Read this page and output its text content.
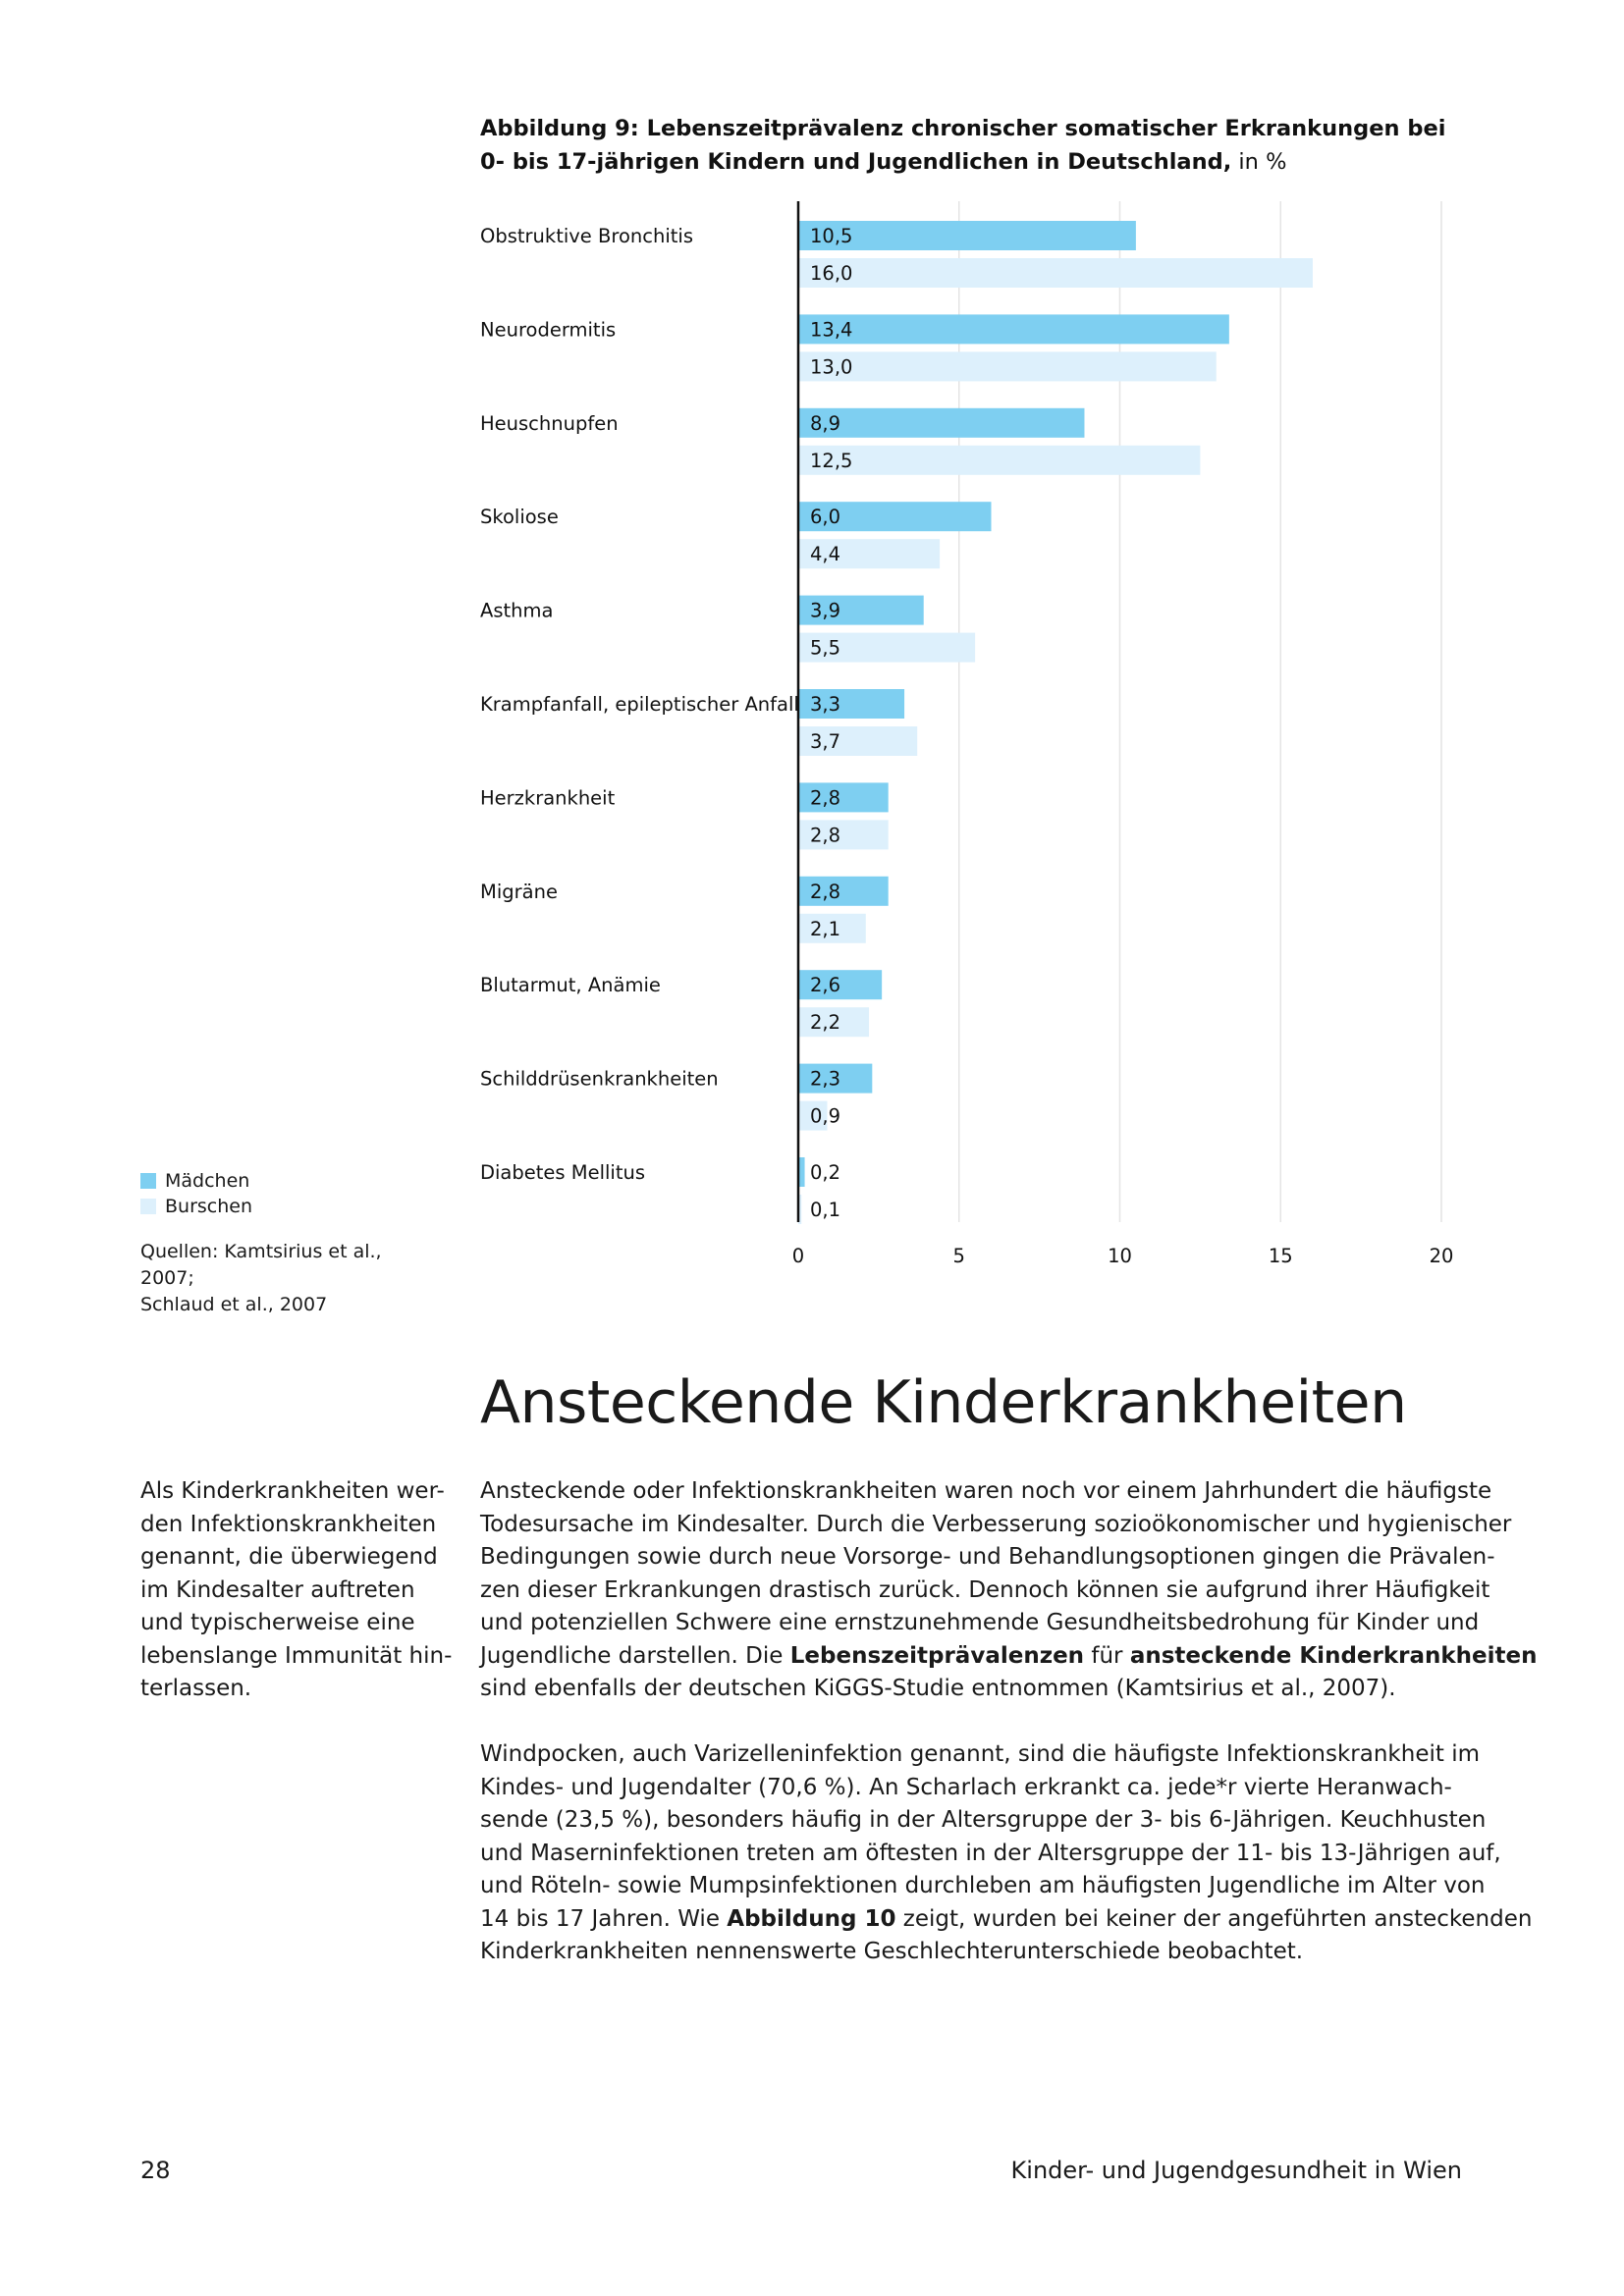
Abbildung 9: Lebenszeitprävalenz chronischer somatischer Erkrankungen bei 0- bis 17-jährigen Kindern und Jugendlichen in Deutschland, in %
Obstruktive Bronchitis	10,5
16,0
Neurodermitis	13,4
13,0
Heuschnupfen	8,9
12,5
Skoliose	6,0
4,4
Asthma	3,9
5,5
Krampfanfall, epileptischer Anfall 3,3
3,7
Herzkrankheit	2,8
2,8
Migräne	2,8
2,1
Blutarmut, Anämie	2,6
2,2
Schilddrüsenkrankheiten	2,3
0,9
Diabetes Mellitus	0,2
0,1
0	5	10	15	20
Mädchen
Burschen
Quellen: Kamtsirius et al., 2007;
Schlaud et al., 2007
Ansteckende Kinderkrankheiten
Als Kinderkrankheiten wer-
den Infektionskrankheiten
genannt, die überwiegend
im Kindesalter auftreten
und typischerweise eine
lebenslange Immunität hin-
terlassen.

Ansteckende oder Infektionskrankheiten waren noch vor einem Jahrhundert die häufigste
Todesursache im Kindesalter. Durch die Verbesserung sozioökonomischer und hygienischer
Bedingungen sowie durch neue Vorsorge- und Behandlungsoptionen gingen die Prävalen-
zen dieser Erkrankungen drastisch zurück. Dennoch können sie aufgrund ihrer Häufigkeit
und potenziellen Schwere eine ernstzunehmende Gesundheitsbedrohung für Kinder und
Jugendliche darstellen. Die Lebenszeitprävalenzen für ansteckende Kinderkrankheiten
sind ebenfalls der deutschen KiGGS-Studie entnommen (Kamtsirius et al., 2007).

Windpocken, auch Varizelleninfektion genannt, sind die häufigste Infektionskrankheit im
Kindes- und Jugendalter (70,6 %). An Scharlach erkrankt ca. jede*r vierte Heranwach-
sende (23,5 %), besonders häufig in der Altersgruppe der 3- bis 6-Jährigen. Keuchhusten
und Maserninfektionen treten am öftesten in der Altersgruppe der 11- bis 13-Jährigen auf,
und Röteln- sowie Mumpsinfektionen durchleben am häufigsten Jugendliche im Alter von
14 bis 17 Jahren. Wie Abbildung 10 zeigt, wurden bei keiner der angeführten ansteckenden
Kinderkrankheiten nennenswerte Geschlechterunterschiede beobachtet.

28	Kinder- und Jugendgesundheit in Wien
